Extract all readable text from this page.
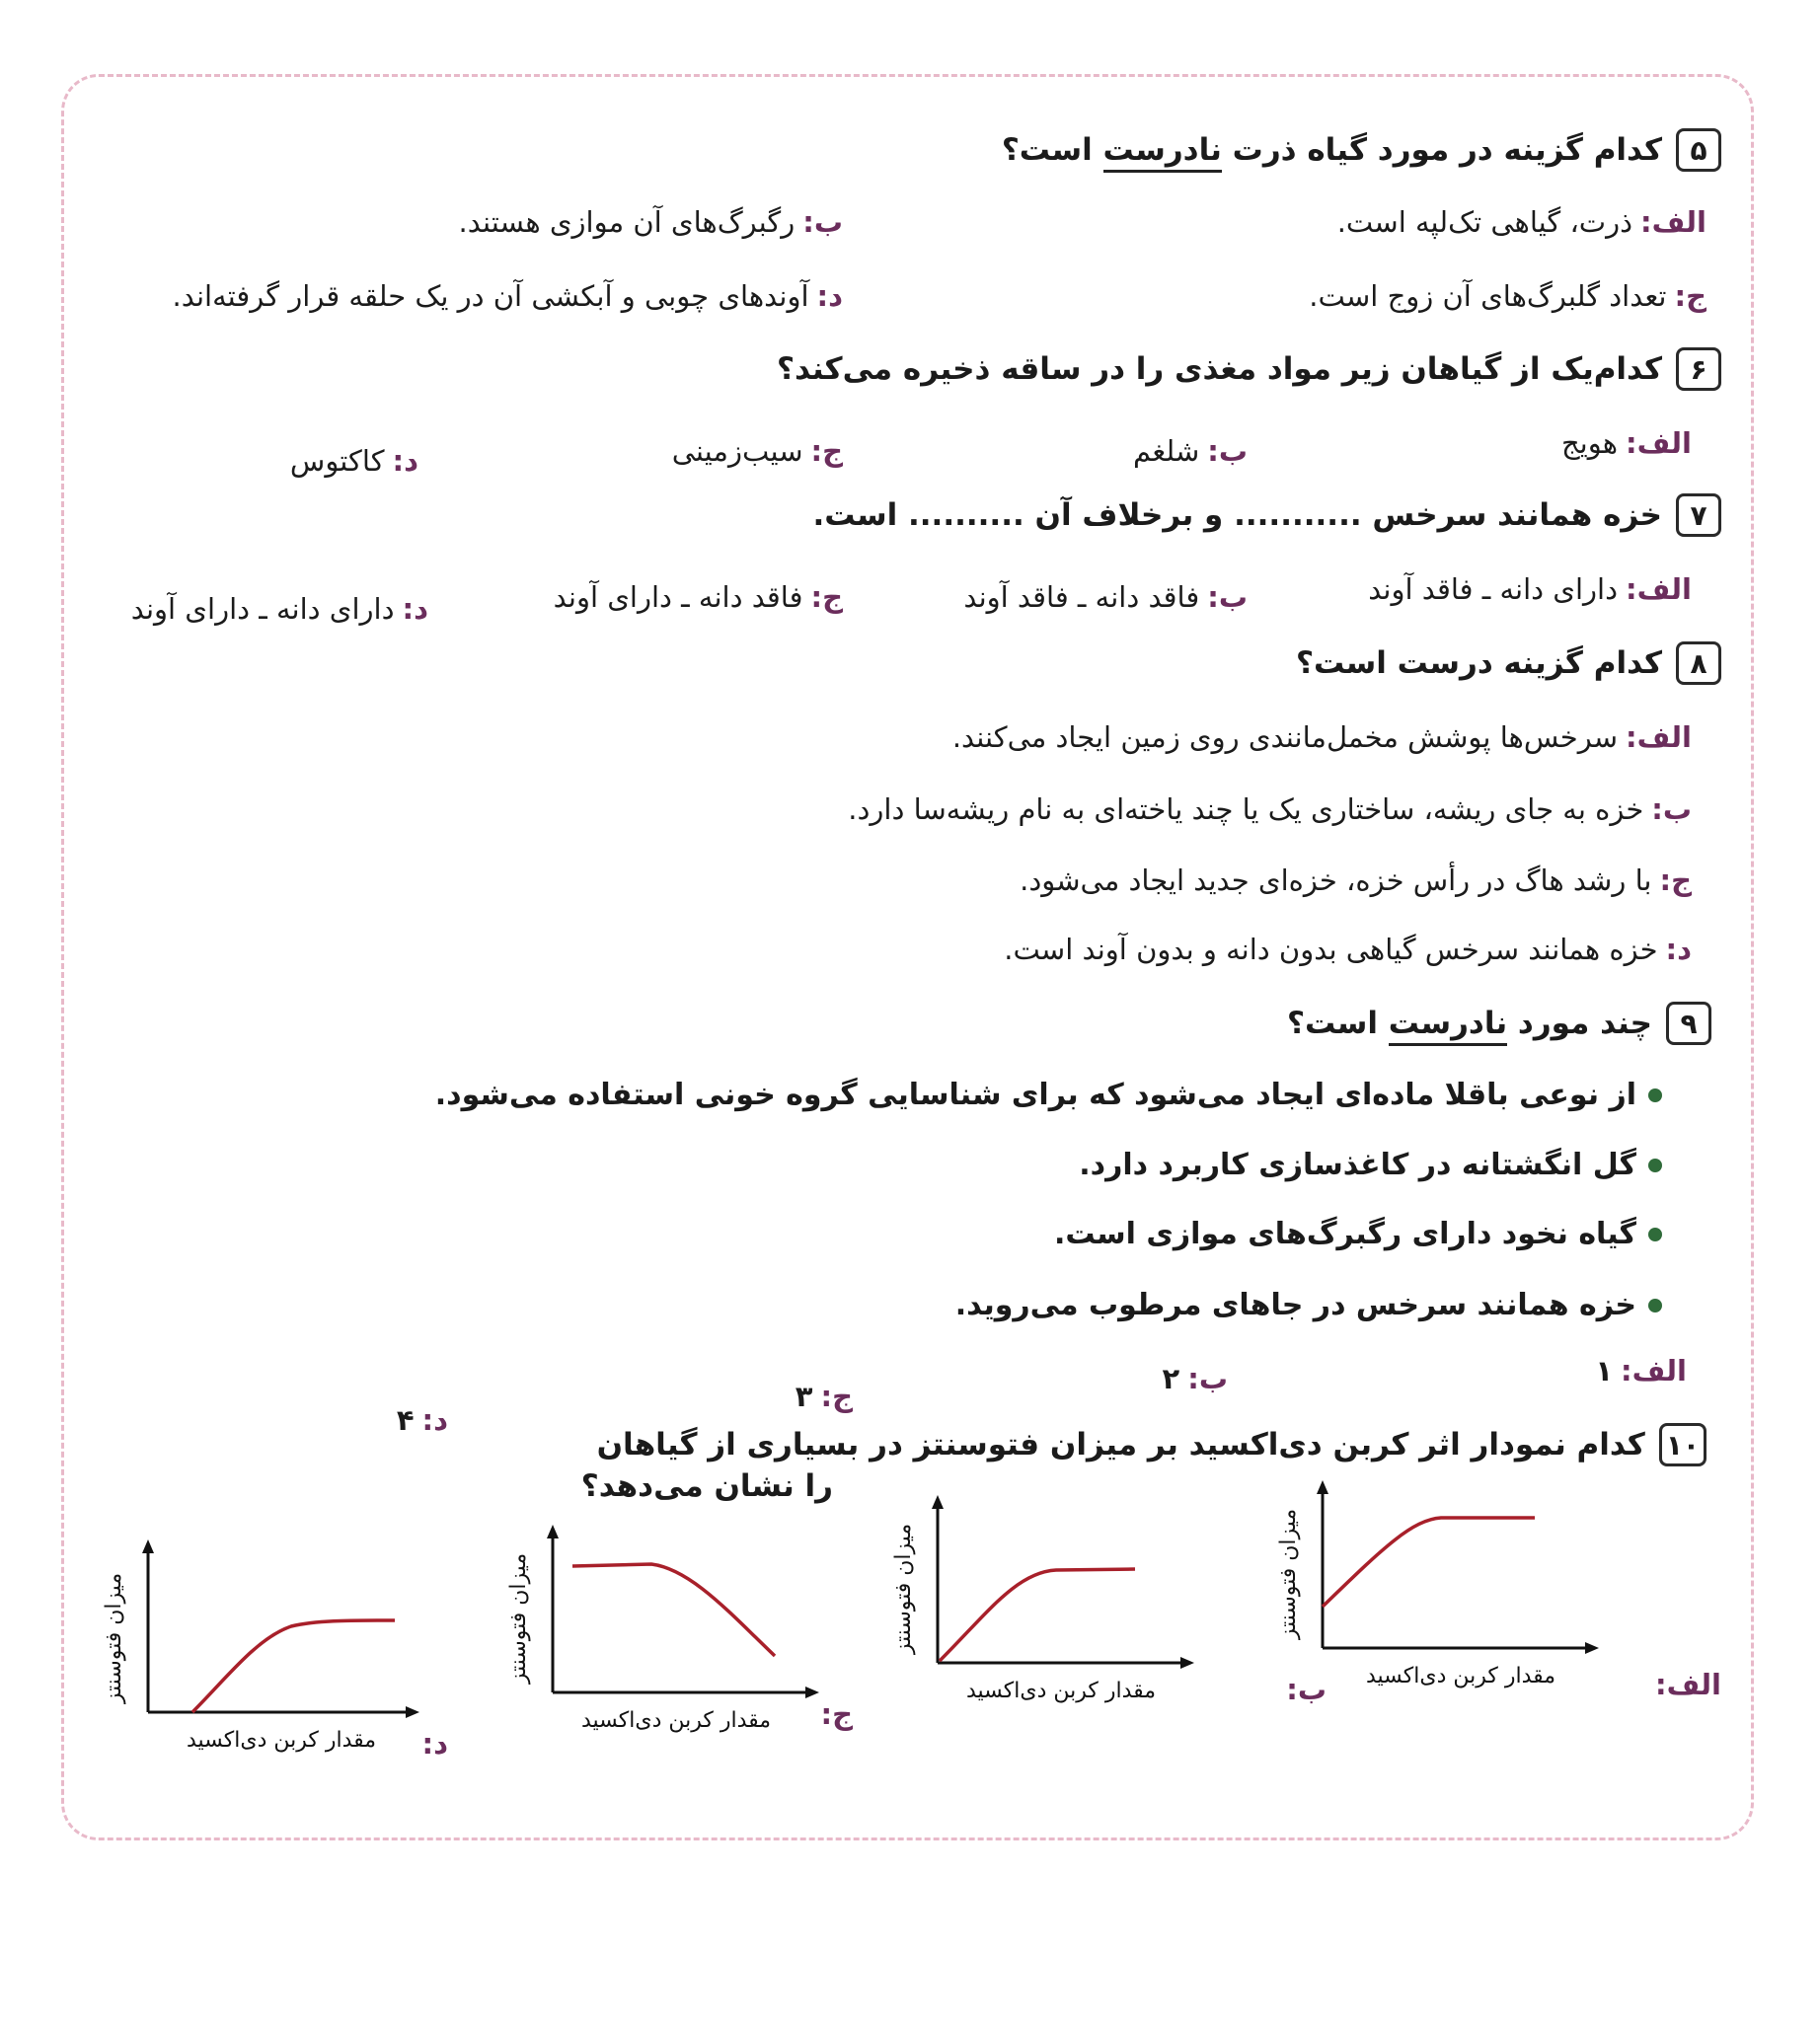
۵
کدام گزینه در مورد گیاه ذرت نادرست است؟
الف:ذرت، گیاهی تک‌لپه است.
ب:رگبرگ‌های آن موازی هستند.
ج:تعداد گلبرگ‌های آن زوج است.
د:آوندهای چوبی و آبکشی آن در یک حلقه قرار گرفته‌اند.
۶
کدام‌یک از گیاهان زیر مواد مغذی را در ساقه ذخیره می‌کند؟
الف:هویج
ب:شلغم
ج:سیب‌زمینی
د:کاکتوس
۷
خزه همانند سرخس ........... و برخلاف آن .......... است.
الف:دارای دانه ـ فاقد آوند
ب:فاقد دانه ـ فاقد آوند
ج:فاقد دانه ـ دارای آوند
د:دارای دانه ـ دارای آوند
۸
کدام گزینه درست است؟
الف:سرخس‌ها پوشش مخمل‌مانندی روی زمین ایجاد می‌کنند.
ب:خزه به جای ریشه، ساختاری یک یا چند یاخته‌ای به نام ریشه‌سا دارد.
ج:با رشد هاگ در رأس خزه، خزه‌ای جدید ایجاد می‌شود.
د:خزه همانند سرخس گیاهی بدون دانه و بدون آوند است.
۹
چند مورد نادرست است؟
از نوعی باقلا ماده‌ای ایجاد می‌شود که برای شناسایی گروه خونی استفاده می‌شود.
گل انگشتانه در کاغذسازی کاربرد دارد.
گیاه نخود دارای رگبرگ‌های موازی است.
خزه همانند سرخس در جاهای مرطوب می‌روید.
الف:۱
ب:۲
ج:۳
د:۴
۱۰
کدام نمودار اثر کربن دی‌اکسید بر میزان فتوسنتز در بسیاری از گیاهان
را نشان می‌دهد؟
الف:
میزان فتوسنتز
مقدار کربن دی‌اکسید
ب:
میزان فتوسنتز
مقدار کربن دی‌اکسید
ج:
میزان فتوسنتز
مقدار کربن دی‌اکسید
د:
میزان فتوسنتز
مقدار کربن دی‌اکسید
